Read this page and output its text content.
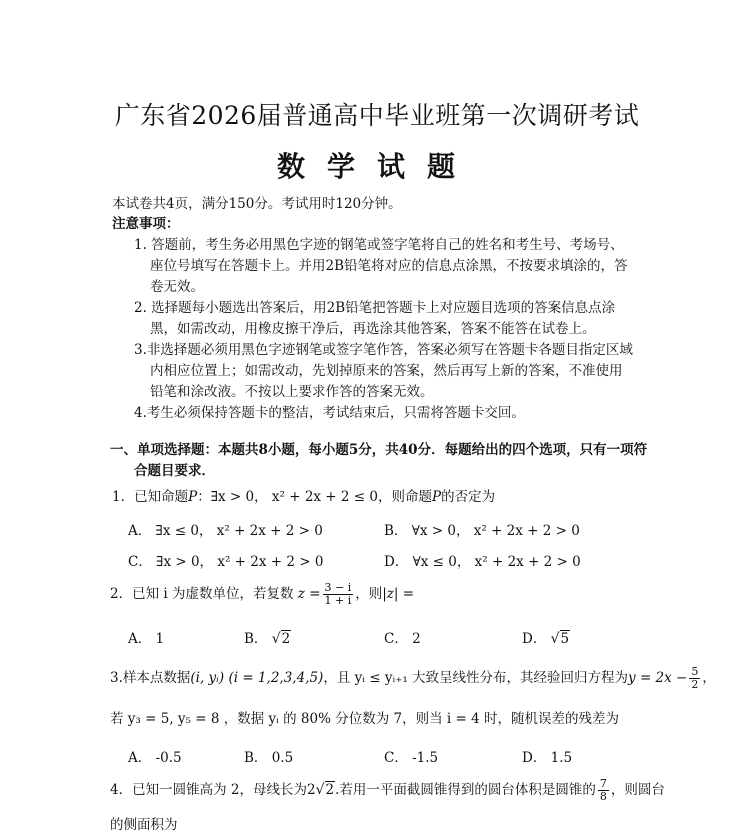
广东省2026届普通高中毕业班第一次调研考试
数学试题
本试卷共4页，满分150分。考试用时120分钟。
注意事项：
1. 答题前，考生务必用黑色字迹的钢笔或签字笔将自己的姓名和考生号、考场号、
座位号填写在答题卡上。并用2B铅笔将对应的信息点涂黑，不按要求填涂的，答
卷无效。
2. 选择题每小题选出答案后，用2B铅笔把答题卡上对应题目选项的答案信息点涂
黑，如需改动，用橡皮擦干净后，再选涂其他答案，答案不能答在试卷上。
3.非选择题必须用黑色字迹钢笔或签字笔作答，答案必须写在答题卡各题目指定区域
内相应位置上；如需改动，先划掉原来的答案，然后再写上新的答案，不准使用
铅笔和涂改液。不按以上要求作答的答案无效。
4.考生必须保持答题卡的整洁，考试结束后，只需将答题卡交回。
一、单项选择题：本题共8小题，每小题5分，共40分．每题给出的四个选项，只有一项符
合题目要求．
1．已知命题P：∃x > 0， x² + 2x + 2 ≤ 0，则命题P的否定为
A． ∃x ≤ 0， x² + 2x + 2 > 0	B． ∀x > 0， x² + 2x + 2 > 0
C． ∃x > 0， x² + 2x + 2 > 0	D． ∀x ≤ 0， x² + 2x + 2 > 0
2．已知 i 为虚数单位，若复数 $z = \frac{3 - i}{1 + i}$ ，则|z| =
A． 1	B． √2	C． 2	D． √5
3.样本点数据(i, yᵢ) (i = 1,2,3,4,5)，且 yᵢ ≤ yᵢ₊₁ 大致呈线性分布，其经验回归方程为$y = 2x - \frac{5}{2}$ ，
若 y₃ = 5, y₅ = 8 ，数据 yᵢ 的 80% 分位数为 7，则当 i = 4 时，随机误差的残差为
A． -0.5	B． 0.5	C． -1.5	D． 1.5
4．已知一圆锥高为 2，母线长为2√2.若用一平面截圆锥得到的圆台体积是圆锥的 $\frac{7}{8}$ ，则圆台
的侧面积为
